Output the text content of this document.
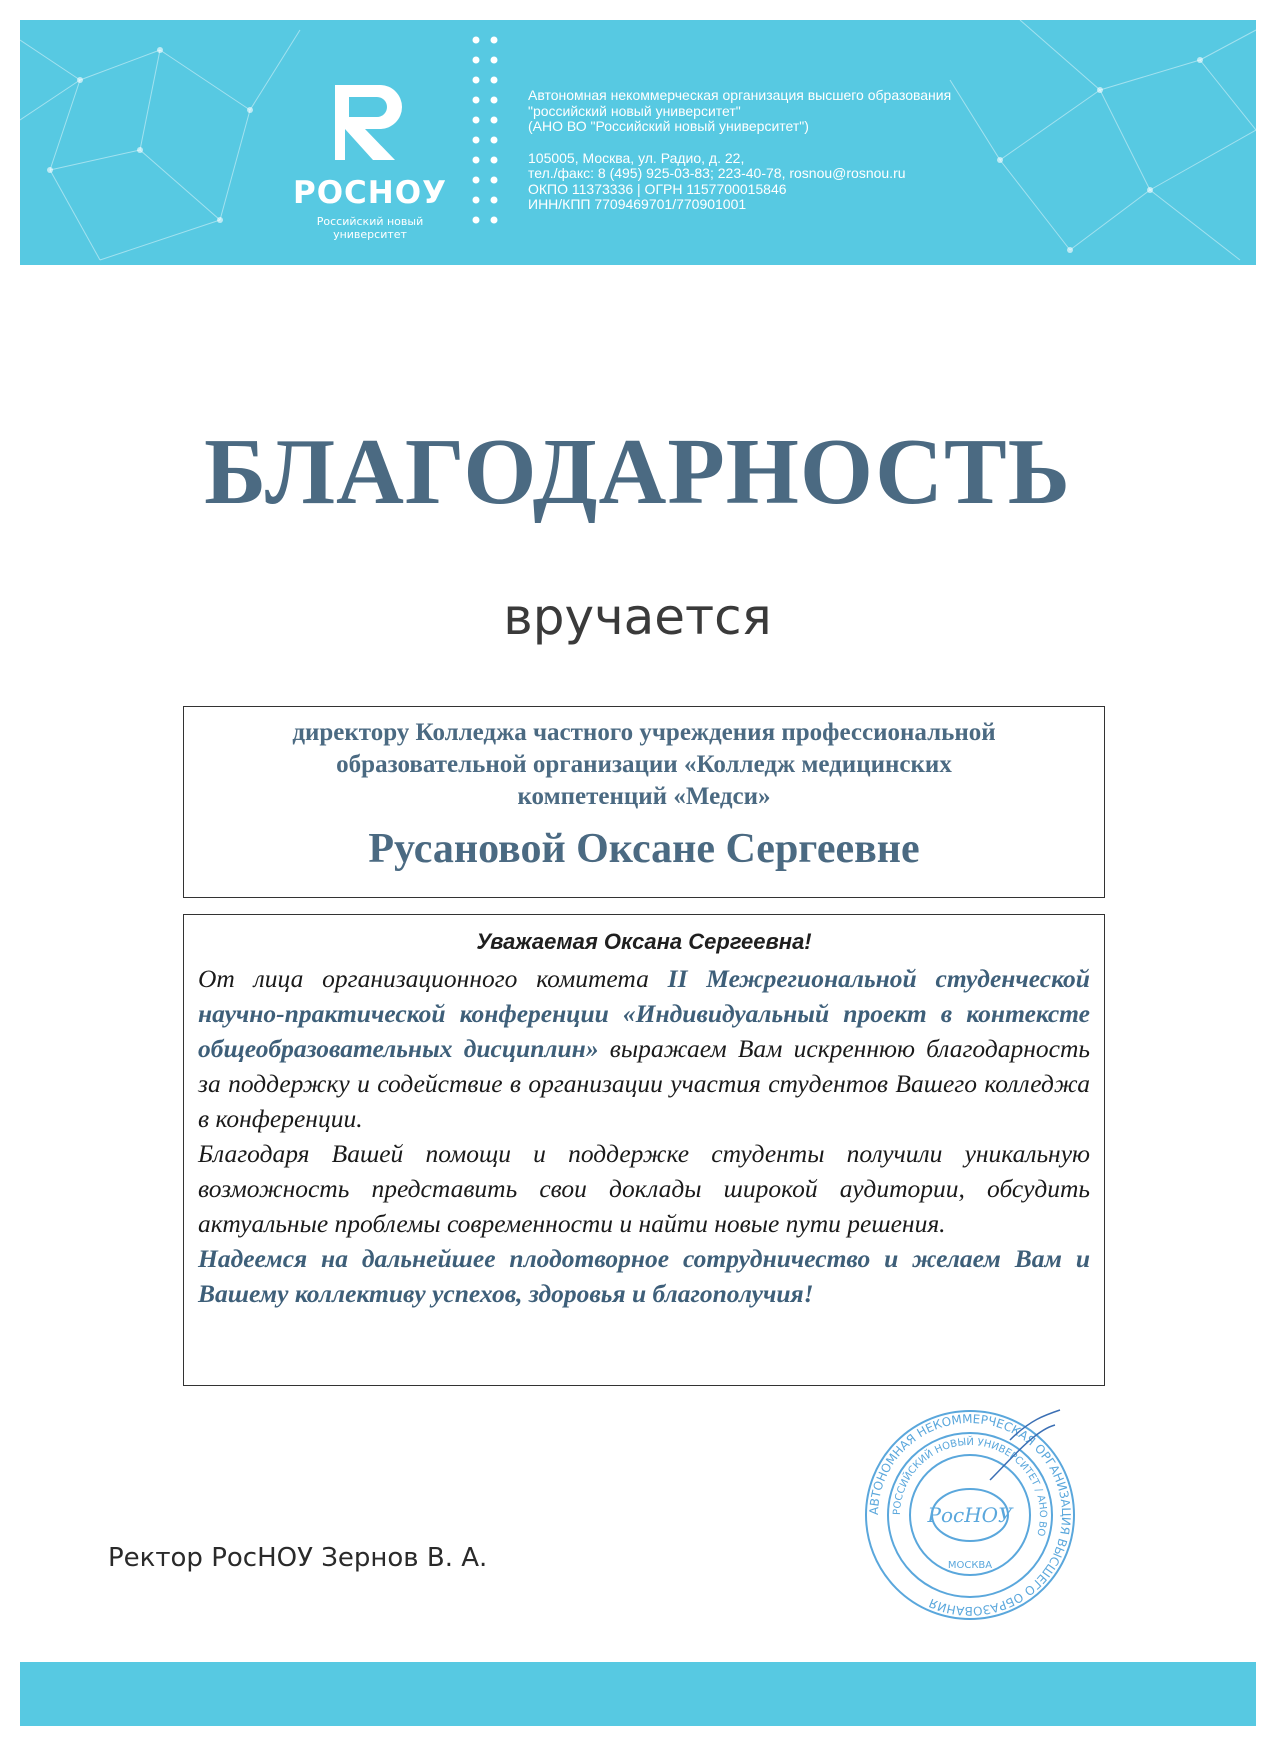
РОСНОУ
Российский новый
университет
Автономная некоммерческая организация высшего образования
"российский новый университет"
(АНО ВО "Российский новый университет")
105005, Москва, ул. Радио, д. 22,
тел./факс: 8 (495) 925-03-83; 223-40-78, rosnou@rosnou.ru
ОКПО 11373336 | ОГРН 1157700015846
ИНН/КПП 7709469701/770901001
БЛАГОДАРНОСТЬ
вручается
директору Колледжа частного учреждения профессиональной
образовательной организации «Колледж медицинских
компетенций «Медси»
Русановой Оксане Сергеевне
Уважаемая Оксана Сергеевна!
От лица организационного комитета II Межрегиональной студенческой научно-практической конференции «Индивидуальный проект в контексте общеобразовательных дисциплин» выражаем Вам искреннюю благодарность за поддержку и содействие в организации участия студентов Вашего колледжа в конференции.
Благодаря Вашей помощи и поддержке студенты получили уникальную возможность представить свои доклады широкой аудитории, обсудить актуальные проблемы современности и найти новые пути решения.
Надеемся на дальнейшее плодотворное сотрудничество и желаем Вам и Вашему коллективу успехов, здоровья и благополучия!
Ректор РосНОУ Зернов В. А.
АВТОНОМНАЯ НЕКОММЕРЧЕСКАЯ ОРГАНИЗАЦИЯ ВЫСШЕГО ОБРАЗОВАНИЯ
РОССИЙСКИЙ НОВЫЙ УНИВЕРСИТЕТ / АНО ВО
РосНОУ
МОСКВА
